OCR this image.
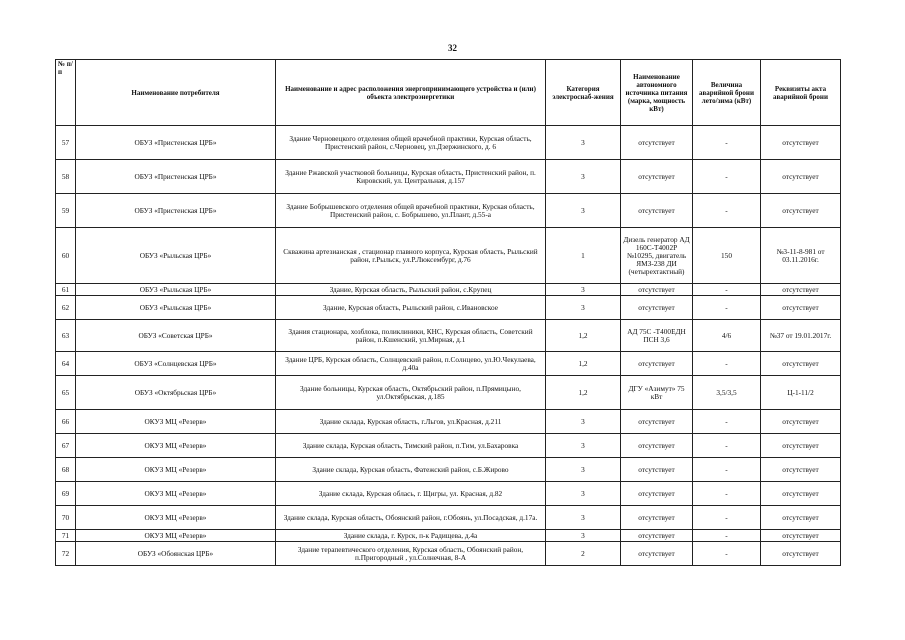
32
№ п/п	Наименование потребителя	Наименование и адрес расположения энергопринимающего устройства и (или) объекта электроэнергетики	Категория электроснаб-жения	Наименование автономного источника питания (марка, мощность кВт)	Величина аварийной брони лето/зима (кВт)	Реквизиты акта аварийной брони
57	ОБУЗ «Пристенская ЦРБ»	Здание Черновецкого отделения общей врачебной практики, Курская область, Пристенский район, с.Черновец, ул.Дзержинского, д. 6	3	отсутствует	-	отсутствует
58	ОБУЗ «Пристенская ЦРБ»	Здание Ржавской участковой больницы, Курская область, Пристенский район, п. Кировский, ул. Центральная, д.157	3	отсутствует	-	отсутствует
59	ОБУЗ «Пристенская ЦРБ»	Здание Бобрышевского отделения общей врачебной практики, Курская область, Пристенский район, с. Бобрышево, ул.Плант, д.55-а	3	отсутствует	-	отсутствует
60	ОБУЗ «Рыльская ЦРБ»	Скважина артезианская , стационар главного корпуса, Курская область, Рыльский район, г.Рыльск, ул.Р.Люксембург, д.76	1	Дизель генератор АД 160С-Т4002Р №10295, двигатель ЯМЗ-238 ДИ (четырехтактный)	150	№3-11-8-981 от 03.11.2016г.
61	ОБУЗ «Рыльская ЦРБ»	Здание, Курская область, Рыльский район, с.Крупец	3	отсутствует	-	отсутствует
62	ОБУЗ «Рыльская ЦРБ»	Здание, Курская область, Рыльский район, с.Ивановское	3	отсутствует	-	отсутствует
63	ОБУЗ «Советская ЦРБ»	Здания стационара, хозблока, поликлиники, КНС, Курская область, Советский район, п.Кшенский, ул.Мирная, д.1	1,2	АД 75С -Т400ЕДН ПСН 3,6	4/6	№37 от 19.01.2017г.
64	ОБУЗ «Солнцевская ЦРБ»	Здание ЦРБ, Курская область, Солнцевский район, п.Солнцево, ул.Ю.Чекулаева, д.40а	1,2	отсутствует	-	отсутствует
65	ОБУЗ «Октябрьская ЦРБ»	Здание больницы, Курская область, Октябрьский район, п.Прямицыно, ул.Октябрьская, д.185	1,2	ДГУ «Азимут» 75 кВт	3,5/3,5	Ц-1-11/2
66	ОКУЗ МЦ «Резерв»	Здание склада, Курская область, г.Льгов, ул.Красная, д.211	3	отсутствует	-	отсутствует
67	ОКУЗ МЦ «Резерв»	Здание склада, Курская область, Тимский район, п.Тим, ул.Бахаровка	3	отсутствует	-	отсутствует
68	ОКУЗ МЦ «Резерв»	Здание склада, Курская область, Фатежский район, с.Б.Жирово	3	отсутствует	-	отсутствует
69	ОКУЗ МЦ «Резерв»	Здание склада, Курская облась, г. Щигры, ул. Красная, д.82	3	отсутствует	-	отсутствует
70	ОКУЗ МЦ «Резерв»	Здание склада, Курская область, Обоянский район, г.Обоянь, ул.Посадская, д.17а.	3	отсутствует	-	отсутствует
71	ОКУЗ МЦ «Резерв»	Здание склада, г. Курск, п-к Радищева, д.4а	3	отсутствует	-	отсутствует
72	ОБУЗ «Обоянская ЦРБ»	Здание терапевтического отделения, Курская область, Обоянский район, п.Пригородный , ул.Солнечная, 8-А	2	отсутствует	-	отсутствует
